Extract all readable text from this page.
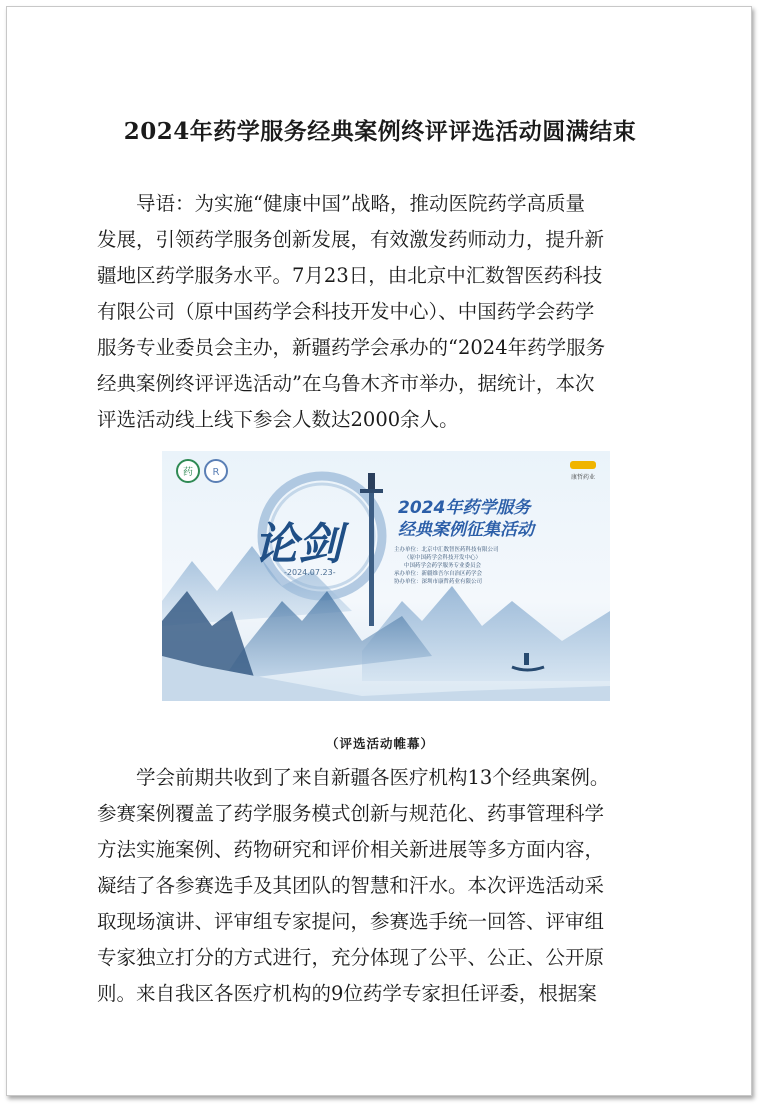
2024年药学服务经典案例终评评选活动圆满结束

导语：为实施“健康中国”战略，推动医院药学高质量
发展，引领药学服务创新发展，有效激发药师动力，提升新
疆地区药学服务水平。7月23日，由北京中汇数智医药科技
有限公司（原中国药学会科技开发中心）、中国药学会药学
服务专业委员会主办，新疆药学会承办的“2024年药学服务
经典案例终评评选活动”在乌鲁木齐市举办，据统计，本次
评选活动线上线下参会人数达2000余人。

药 R	康哲药业
论剑
-2024.07.23-
2024年药学服务
经典案例征集活动
主办单位：北京中汇数智医药科技有限公司
（原中国药学会科技开发中心）
中国药学会药学服务专业委员会
承办单位：新疆维吾尔自治区药学会
协办单位：深圳市康哲药业有限公司
（评选活动帷幕）

学会前期共收到了来自新疆各医疗机构13个经典案例。
参赛案例覆盖了药学服务模式创新与规范化、药事管理科学
方法实施案例、药物研究和评价相关新进展等多方面内容，
凝结了各参赛选手及其团队的智慧和汗水。本次评选活动采
取现场演讲、评审组专家提问，参赛选手统一回答、评审组
专家独立打分的方式进行，充分体现了公平、公正、公开原
则。来自我区各医疗机构的9位药学专家担任评委，根据案
